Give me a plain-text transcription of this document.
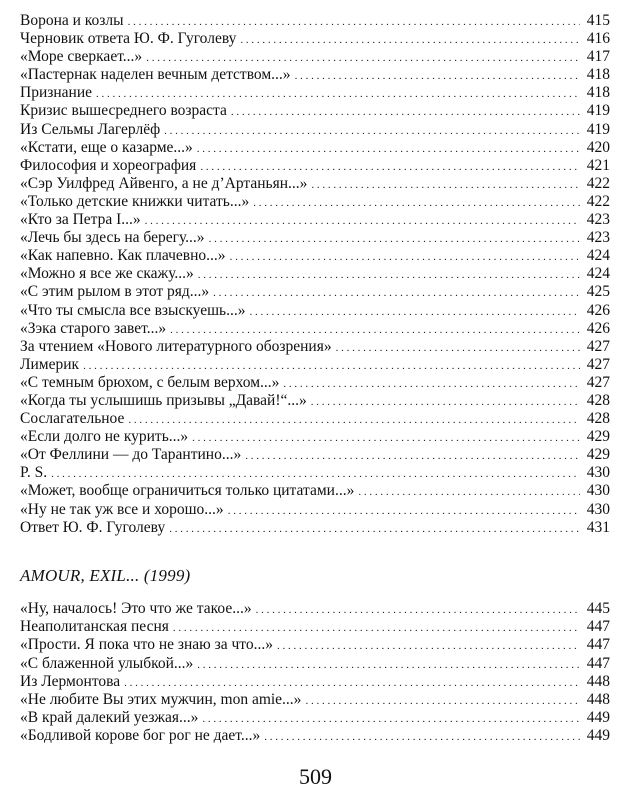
Ворона и козлы . . .	415
Черновик ответа Ю. Ф. Гуголеву . . .	416
«Море сверкает...» . . .	417
«Пастернак наделен вечным детством...» . . .	418
Признание . . .	418
Кризис вышесреднего возраста . . .	419
Из Сельмы Лагерлёф . . .	419
«Кстати, еще о казарме...» . . .	420
Философия и хореография . . .	421
«Сэр Уилфред Айвенго, а не д’Артаньян...» . . .	422
«Только детские книжки читать...» . . .	422
«Кто за Петра I...» . . .	423
«Лечь бы здесь на берегу...» . . .	423
«Как напевно. Как плачевно...» . . .	424
«Можно я все же скажу...» . . .	424
«С этим рылом в этот ряд...» . . .	425
«Что ты смысла все взыскуешь...» . . .	426
«Зэка старого завет...» . . .	426
За чтением «Нового литературного обозрения» . . .	427
Лимерик . . .	427
«С темным брюхом, с белым верхом...» . . .	427
«Когда ты услышишь призывы „Давай!“...» . . .	428
Сослагательное . . .	428
«Если долго не курить...» . . .	429
«От Феллини — до Тарантино...» . . .	429
P. S. . . .	430
«Может, вообще ограничиться только цитатами...» . . .	430
«Ну не так уж все и хорошо...» . . .	430
Ответ Ю. Ф. Гуголеву . . .	431
AMOUR, EXIL... (1999)
«Ну, началось! Это что же такое...» . . .	445
Неаполитанская песня . . .	447
«Прости. Я пока что не знаю за что...» . . .	447
«С блаженной улыбкой...» . . .	447
Из Лермонтова . . .	448
«Не любите Вы этих мужчин, mon amie...» . . .	448
«В край далекий уезжая...» . . .	449
«Бодливой корове бог рог не дает...» . . .	449
509
